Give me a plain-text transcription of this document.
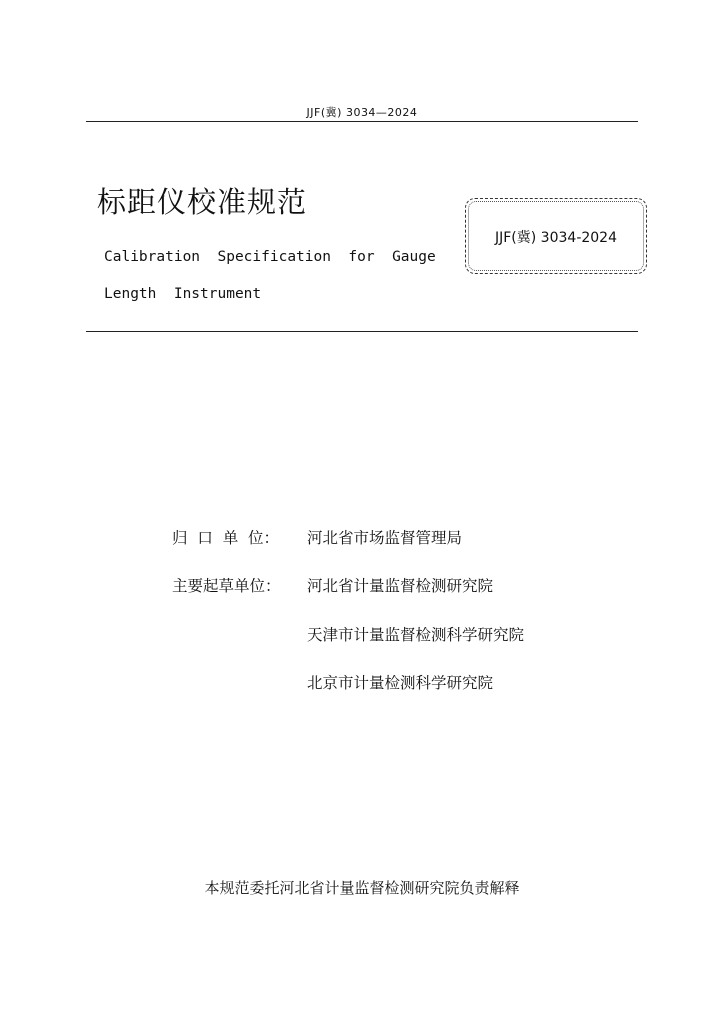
JJF(冀) 3034—2024
标距仪校准规范
Calibration  Specification  for  Gauge
Length  Instrument
JJF(冀) 3034-2024
归  口  单  位： 河北省市场监督管理局
主要起草单位： 河北省计量监督检测研究院
天津市计量监督检测科学研究院
北京市计量检测科学研究院
本规范委托河北省计量监督检测研究院负责解释
